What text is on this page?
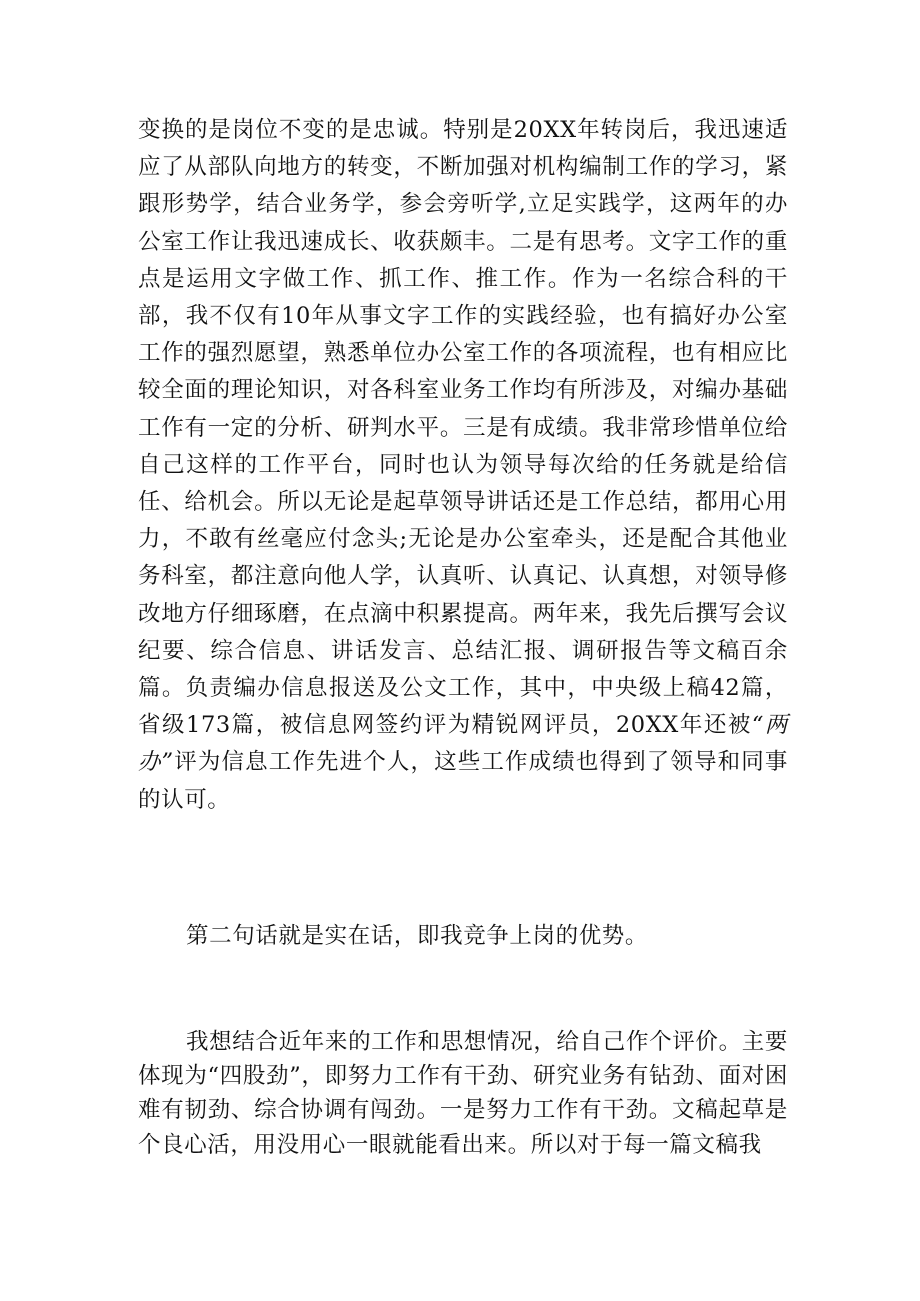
变换的是岗位不变的是忠诚。特别是20XX年转岗后，我迅速适应了从部队向地方的转变，不断加强对机构编制工作的学习，紧跟形势学，结合业务学，参会旁听学,立足实践学，这两年的办公室工作让我迅速成长、收获颇丰。二是有思考。文字工作的重点是运用文字做工作、抓工作、推工作。作为一名综合科的干部，我不仅有10年从事文字工作的实践经验，也有搞好办公室工作的强烈愿望，熟悉单位办公室工作的各项流程，也有相应比较全面的理论知识，对各科室业务工作均有所涉及，对编办基础工作有一定的分析、研判水平。三是有成绩。我非常珍惜单位给自己这样的工作平台，同时也认为领导每次给的任务就是给信任、给机会。所以无论是起草领导讲话还是工作总结，都用心用力，不敢有丝毫应付念头;无论是办公室牵头，还是配合其他业务科室，都注意向他人学，认真听、认真记、认真想，对领导修改地方仔细琢磨，在点滴中积累提高。两年来，我先后撰写会议纪要、综合信息、讲话发言、总结汇报、调研报告等文稿百余篇。负责编办信息报送及公文工作，其中，中央级上稿42篇，省级173篇，被信息网签约评为精锐网评员，20XX年还被“两办”评为信息工作先进个人，这些工作成绩也得到了领导和同事的认可。

第二句话就是实在话，即我竞争上岗的优势。

我想结合近年来的工作和思想情况，给自己作个评价。主要体现为“四股劲”，即努力工作有干劲、研究业务有钻劲、面对困难有韧劲、综合协调有闯劲。一是努力工作有干劲。文稿起草是个良心活，用没用心一眼就能看出来。所以对于每一篇文稿我
